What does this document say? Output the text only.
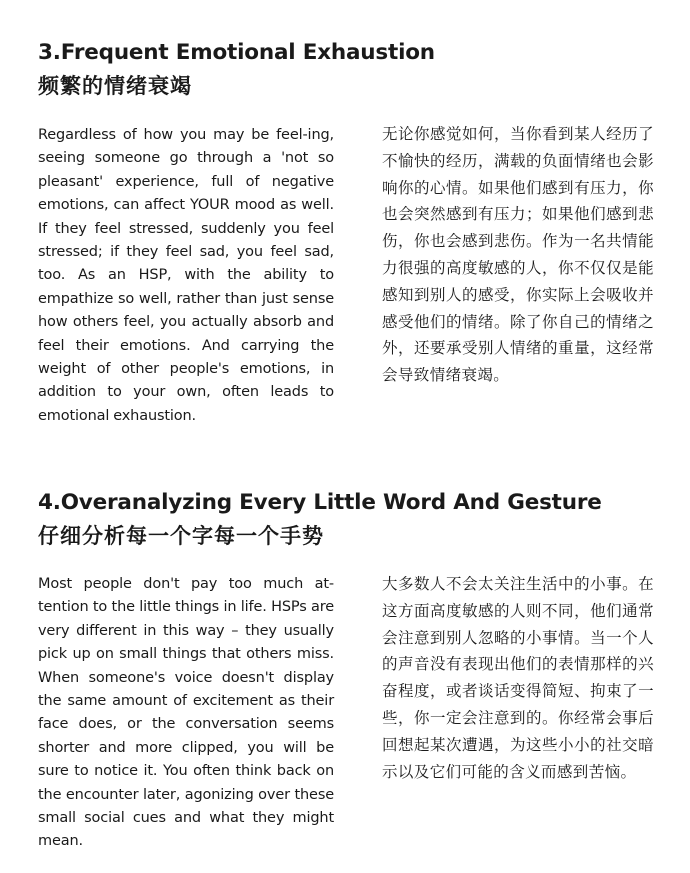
3.Frequent Emotional Exhaustion
频繁的情绪衰竭

Regardless of how you may be feel-ing, seeing someone go through a 'not so pleasant' experience, full of negative emotions, can affect YOUR mood as well. If they feel stressed, suddenly you feel stressed; if they feel sad, you feel sad, too. As an HSP, with the ability to empathize so well, rather than just sense how others feel, you actually absorb and feel their emotions. And carrying the weight of other people's emotions, in addition to your own, often leads to emotional exhaustion.

无论你感觉如何，当你看到某人经历了不愉快的经历，满载的负面情绪也会影响你的心情。如果他们感到有压力，你也会突然感到有压力；如果他们感到悲伤，你也会感到悲伤。作为一名共情能力很强的高度敏感的人，你不仅仅是能感知到别人的感受，你实际上会吸收并感受他们的情绪。除了你自己的情绪之外，还要承受别人情绪的重量，这经常会导致情绪衰竭。

4.Overanalyzing Every Little Word And Gesture
仔细分析每一个字每一个手势

Most people don't pay too much at-tention to the little things in life. HSPs are very different in this way – they usually pick up on small things that others miss. When someone's voice doesn't display the same amount of excitement as their face does, or the conversation seems shorter and more clipped, you will be sure to notice it. You often think back on the encounter later, agonizing over these small social cues and what they might mean.

大多数人不会太关注生活中的小事。在这方面高度敏感的人则不同，他们通常会注意到别人忽略的小事情。当一个人的声音没有表现出他们的表情那样的兴奋程度，或者谈话变得简短、拘束了一些，你一定会注意到的。你经常会事后回想起某次遭遇，为这些小小的社交暗示以及它们可能的含义而感到苦恼。
